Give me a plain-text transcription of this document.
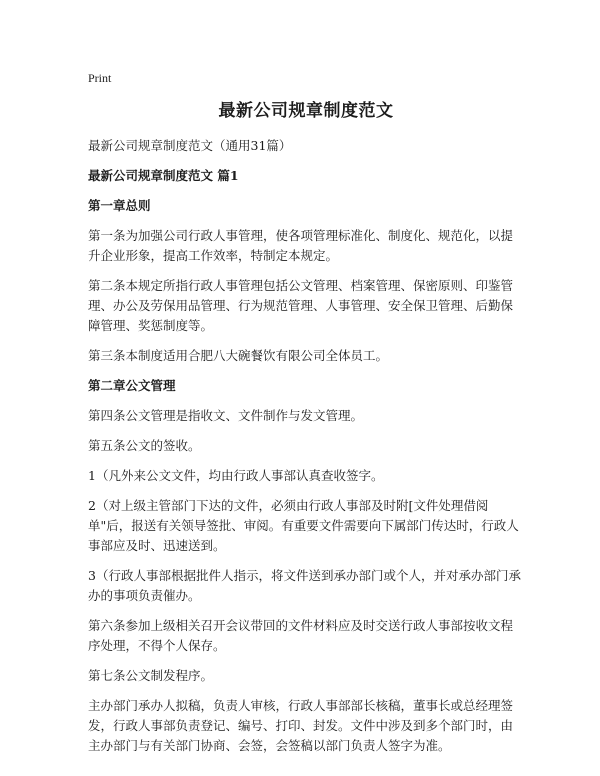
Print
最新公司规章制度范文
最新公司规章制度范文（通用31篇）
最新公司规章制度范文 篇1
第一章总则
第一条为加强公司行政人事管理，使各项管理标准化、制度化、规范化，以提升企业形象，提高工作效率，特制定本规定。
第二条本规定所指行政人事管理包括公文管理、档案管理、保密原则、印鉴管理、办公及劳保用品管理、行为规范管理、人事管理、安全保卫管理、后勤保障管理、奖惩制度等。
第三条本制度适用合肥八大碗餐饮有限公司全体员工。
第二章公文管理
第四条公文管理是指收文、文件制作与发文管理。
第五条公文的签收。
1（凡外来公文文件，均由行政人事部认真查收签字。
2（对上级主管部门下达的文件，必须由行政人事部及时附[文件处理借阅单"后，报送有关领导签批、审阅。有重要文件需要向下属部门传达时，行政人事部应及时、迅速送到。
3（行政人事部根据批件人指示，将文件送到承办部门或个人，并对承办部门承办的事项负责催办。
第六条参加上级相关召开会议带回的文件材料应及时交送行政人事部按收文程序处理，不得个人保存。
第七条公文制发程序。
主办部门承办人拟稿，负责人审核，行政人事部部长核稿，董事长或总经理签发，行政人事部负责登记、编号、打印、封发。文件中涉及到多个部门时，由主办部门与有关部门协商、会签，会签稿以部门负责人签字为准。
